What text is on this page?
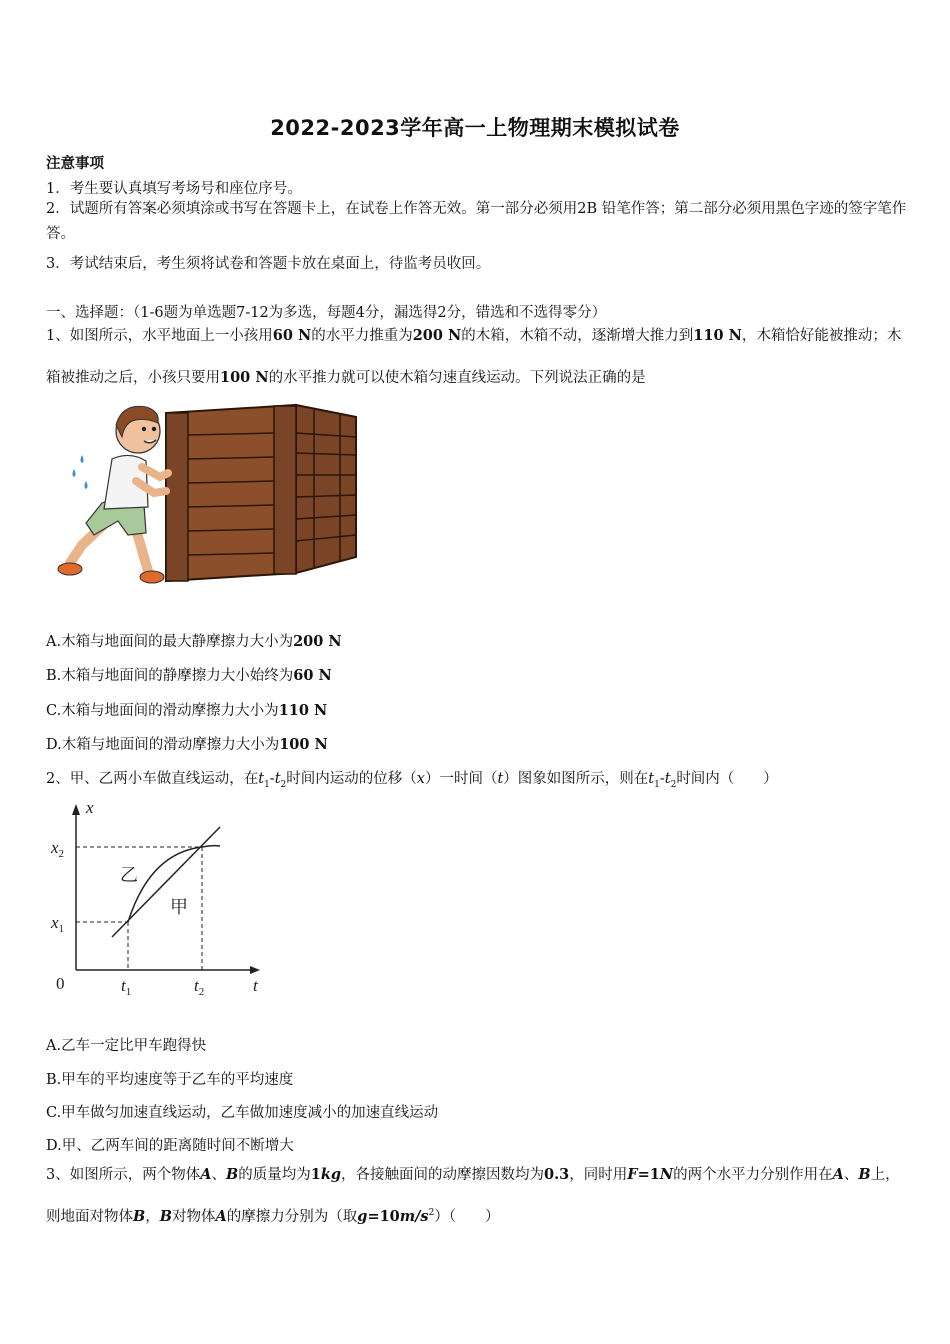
2022-2023学年高一上物理期末模拟试卷
注意事项
1．考生要认真填写考场号和座位序号。
2．试题所有答案必须填涂或书写在答题卡上，在试卷上作答无效。第一部分必须用2B 铅笔作答；第二部分必须用黑色字迹的签字笔作答。
3．考试结束后，考生须将试卷和答题卡放在桌面上，待监考员收回。
一、选择题：（1-6题为单选题7-12为多选，每题4分，漏选得2分，错选和不选得零分）
1、如图所示，水平地面上一小孩用60 N的水平力推重为200 N的木箱，木箱不动，逐渐增大推力到110 N，木箱恰好能被推动；木箱被推动之后，小孩只要用100 N的水平推力就可以使木箱匀速直线运动。下列说法正确的是
A.木箱与地面间的最大静摩擦力大小为200 N
B.木箱与地面间的静摩擦力大小始终为60 N
C.木箱与地面间的滑动摩擦力大小为110 N
D.木箱与地面间的滑动摩擦力大小为100 N
2、甲、乙两小车做直线运动，在$t_1-t_2$时间内运动的位移（x）一时间（t）图象如图所示，则在$t_1-t_2$时间内（　　）
x
t
0
$x_2$
$x_1$
$t_1$	$t_2$
乙
甲
A.乙车一定比甲车跑得快
B.甲车的平均速度等于乙车的平均速度
C.甲车做匀加速直线运动，乙车做加速度减小的加速直线运动
D.甲、乙两车间的距离随时间不断增大
3、如图所示，两个物体A、B的质量均为1kg，各接触面间的动摩擦因数均为0.3，同时用F=1N的两个水平力分别作用在A、B上，则地面对物体B，B对物体A的摩擦力分别为（取$g=10m/s^2$）（　　）
